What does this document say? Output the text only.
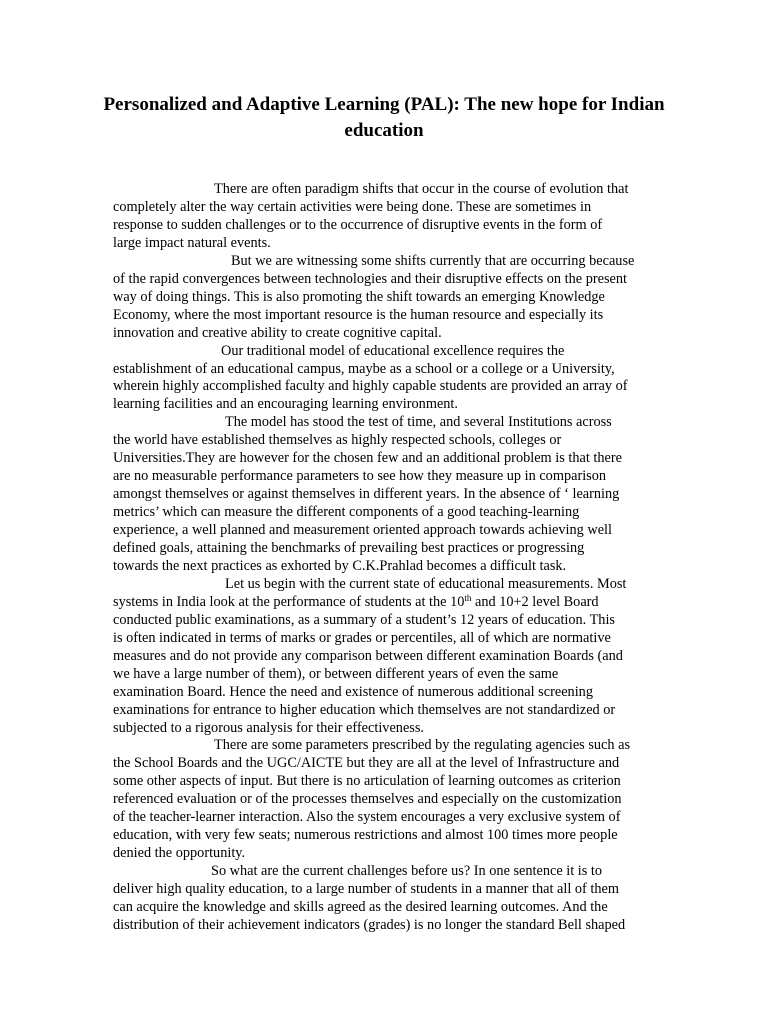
Personalized and Adaptive Learning (PAL): The new hope for Indian education
There are often paradigm shifts that occur in the course of evolution that
completely alter the way certain activities were being done. These are sometimes in
response to sudden challenges or to the occurrence of disruptive events in the form of
large impact natural events.
But we are witnessing some shifts currently that are occurring because
of the rapid convergences between technologies and their disruptive effects on the present
way of doing things. This is also promoting the shift towards an emerging Knowledge
Economy, where the most important resource is the human resource and especially its
innovation and creative ability to create cognitive capital.
Our traditional model of educational excellence requires the
establishment of an educational campus, maybe as a school or a college or a University,
wherein highly accomplished faculty and highly capable students are provided an array of
learning facilities and an encouraging learning environment.
The model has stood the test of time, and several Institutions across
the world have established themselves as highly respected schools, colleges or
Universities.They are however for the chosen few and an additional problem is that there
are no measurable performance parameters to see how they measure up in comparison
amongst themselves or against themselves in different years. In the absence of ‘ learning
metrics’ which can measure the different components of a good teaching-learning
experience, a well planned and measurement oriented approach towards achieving well
defined goals, attaining the benchmarks of prevailing best practices or progressing
towards the next practices as exhorted by C.K.Prahlad becomes a difficult task.
Let us begin with the current state of educational measurements. Most
systems in India look at the performance of students at the 10th and 10+2 level Board
conducted public examinations, as a summary of a student’s 12 years of education. This
is often indicated in terms of marks or grades or percentiles, all of which are normative
measures and do not provide any comparison between different examination Boards (and
we have a large number of them), or between different years of even the same
examination Board. Hence the need and existence of numerous additional screening
examinations for entrance to higher education which themselves are not standardized or
subjected to a rigorous analysis for their effectiveness.
There are some parameters prescribed by the regulating agencies such as
the School Boards and the UGC/AICTE but they are all at the level of Infrastructure and
some other aspects of input. But there is no articulation of learning outcomes as criterion
referenced evaluation or of the processes themselves and especially on the customization
of the teacher-learner interaction. Also the system encourages a very exclusive system of
education, with very few seats; numerous restrictions and almost 100 times more people
denied the opportunity.
So what are the current challenges before us? In one sentence it is to
deliver high quality education, to a large number of students in a manner that all of them
can acquire the knowledge and skills agreed as the desired learning outcomes. And the
distribution of their achievement indicators (grades) is no longer the standard Bell shaped
